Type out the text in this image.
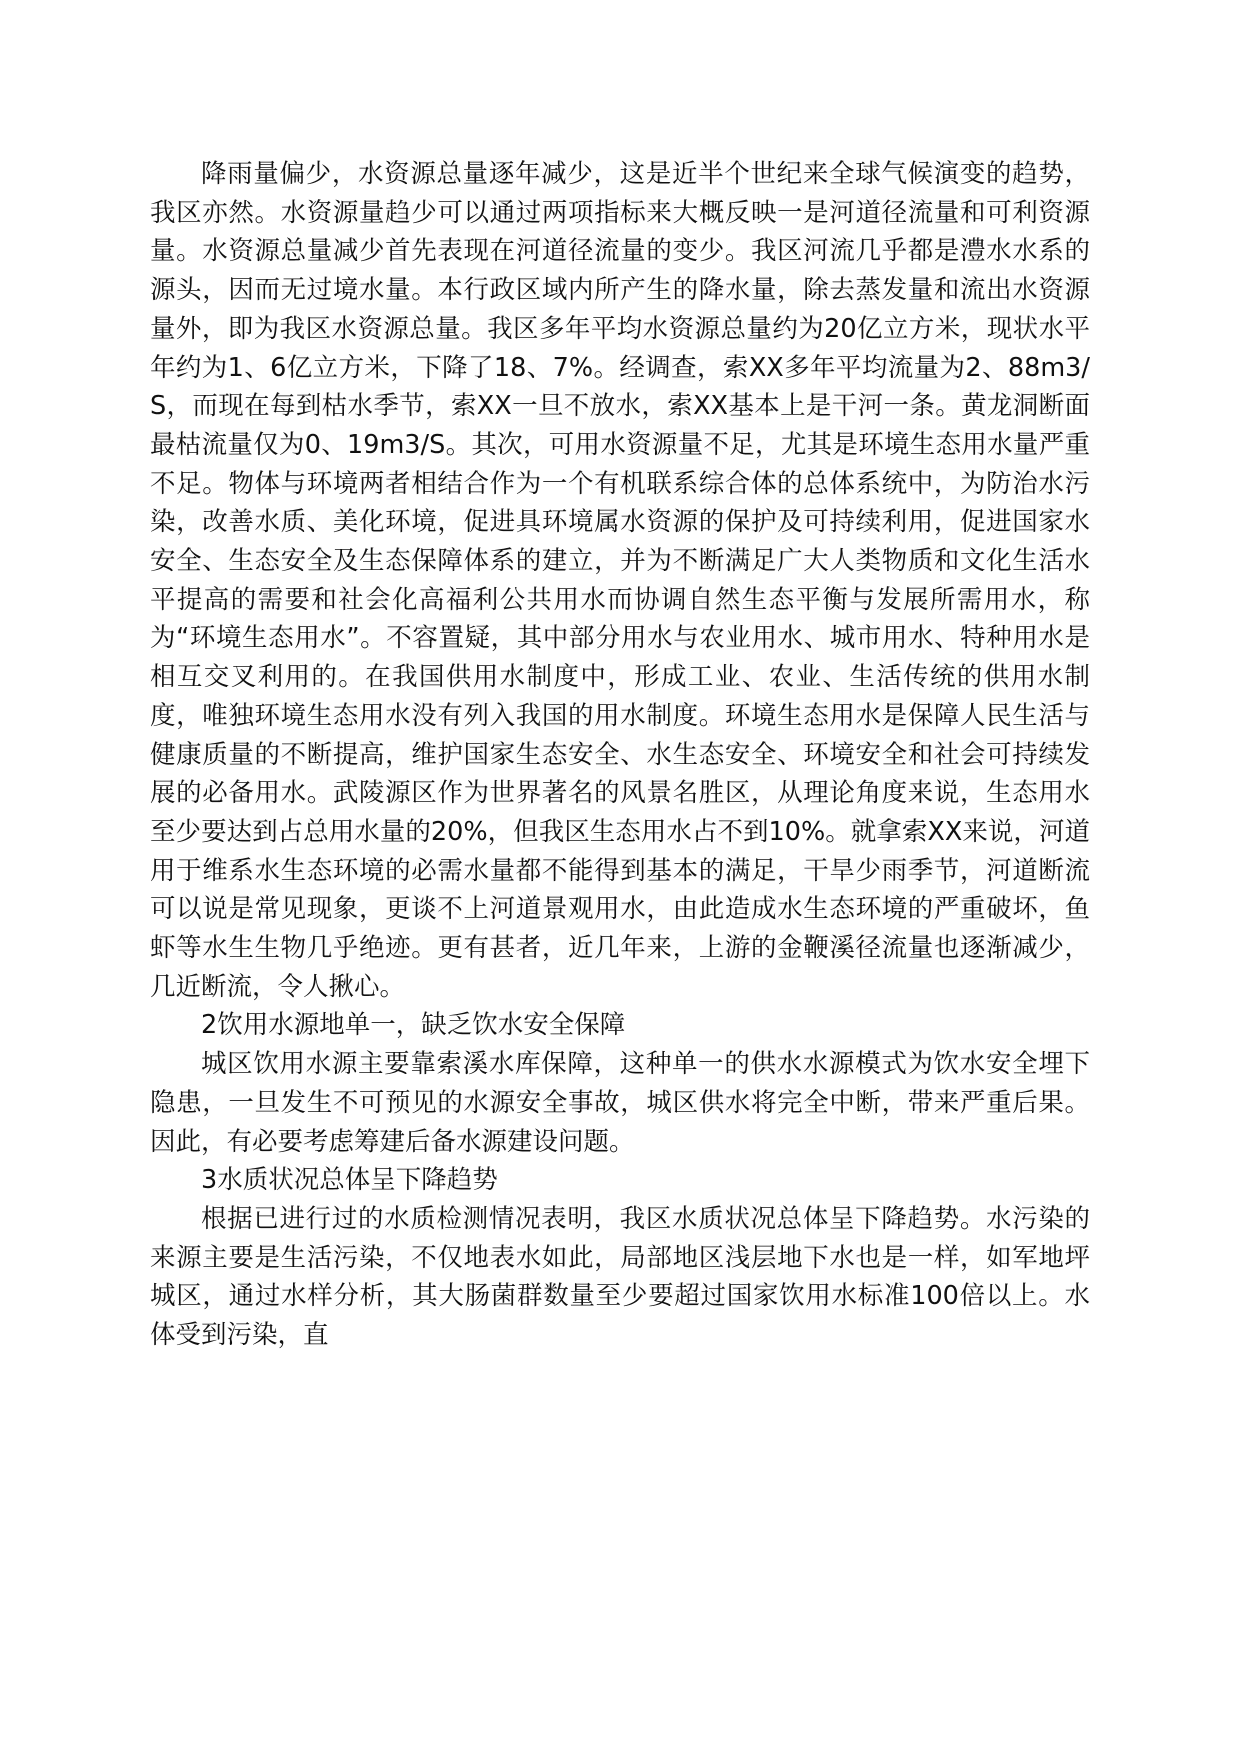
降雨量偏少，水资源总量逐年减少，这是近半个世纪来全球气候演变的趋势，我区亦然。水资源量趋少可以通过两项指标来大概反映一是河道径流量和可利资源量。水资源总量减少首先表现在河道径流量的变少。我区河流几乎都是澧水水系的源头，因而无过境水量。本行政区域内所产生的降水量，除去蒸发量和流出水资源量外，即为我区水资源总量。我区多年平均水资源总量约为20亿立方米，现状水平年约为1、6亿立方米，下降了18、7%。经调查，索XX多年平均流量为2、88m3/S，而现在每到枯水季节，索XX一旦不放水，索XX基本上是干河一条。黄龙洞断面最枯流量仅为0、19m3/S。其次，可用水资源量不足，尤其是环境生态用水量严重不足。物体与环境两者相结合作为一个有机联系综合体的总体系统中，为防治水污染，改善水质、美化环境，促进具环境属水资源的保护及可持续利用，促进国家水安全、生态安全及生态保障体系的建立，并为不断满足广大人类物质和文化生活水平提高的需要和社会化高福利公共用水而协调自然生态平衡与发展所需用水，称为“环境生态用水”。不容置疑，其中部分用水与农业用水、城市用水、特种用水是相互交叉利用的。在我国供用水制度中，形成工业、农业、生活传统的供用水制度，唯独环境生态用水没有列入我国的用水制度。环境生态用水是保障人民生活与健康质量的不断提高，维护国家生态安全、水生态安全、环境安全和社会可持续发展的必备用水。武陵源区作为世界著名的风景名胜区，从理论角度来说，生态用水至少要达到占总用水量的20%，但我区生态用水占不到10%。就拿索XX来说，河道用于维系水生态环境的必需水量都不能得到基本的满足，干旱少雨季节，河道断流可以说是常见现象，更谈不上河道景观用水，由此造成水生态环境的严重破坏，鱼虾等水生生物几乎绝迹。更有甚者，近几年来，上游的金鞭溪径流量也逐渐减少，几近断流，令人揪心。

2饮用水源地单一，缺乏饮水安全保障

城区饮用水源主要靠索溪水库保障，这种单一的供水水源模式为饮水安全埋下隐患，一旦发生不可预见的水源安全事故，城区供水将完全中断，带来严重后果。因此，有必要考虑筹建后备水源建设问题。

3水质状况总体呈下降趋势

根据已进行过的水质检测情况表明，我区水质状况总体呈下降趋势。水污染的来源主要是生活污染，不仅地表水如此，局部地区浅层地下水也是一样，如军地坪城区，通过水样分析，其大肠菌群数量至少要超过国家饮用水标准100倍以上。水体受到污染，直
